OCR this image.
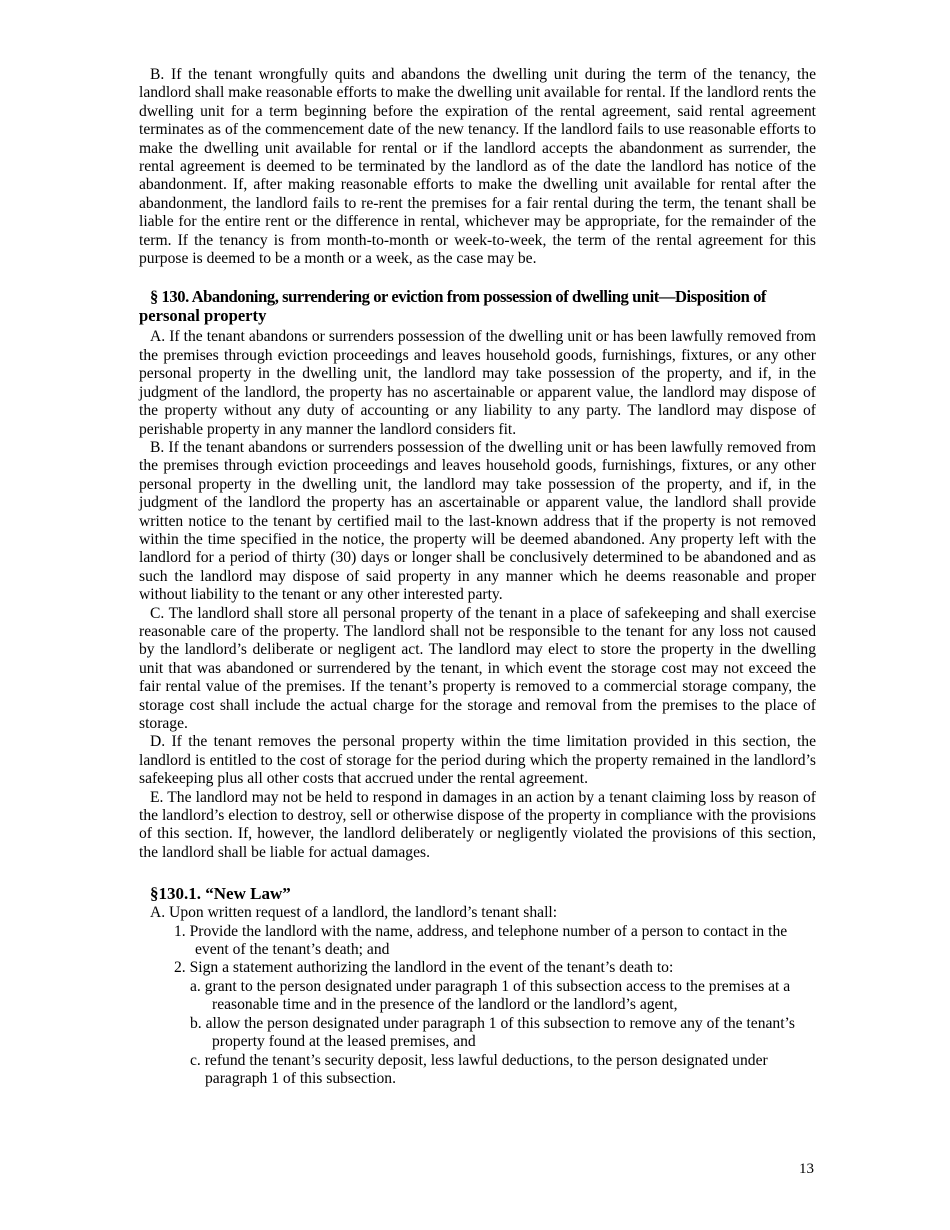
B. If the tenant wrongfully quits and abandons the dwelling unit during the term of the tenancy, the landlord shall make reasonable efforts to make the dwelling unit available for rental. If the landlord rents the dwelling unit for a term beginning before the expiration of the rental agreement, said rental agreement terminates as of the commencement date of the new tenancy. If the landlord fails to use reasonable efforts to make the dwelling unit available for rental or if the landlord accepts the abandonment as surrender, the rental agreement is deemed to be terminated by the landlord as of the date the landlord has notice of the abandonment. If, after making reasonable efforts to make the dwelling unit available for rental after the abandonment, the landlord fails to re-rent the premises for a fair rental during the term, the tenant shall be liable for the entire rent or the difference in rental, whichever may be appropriate, for the remainder of the term. If the tenancy is from month-to-month or week-to-week, the term of the rental agreement for this purpose is deemed to be a month or a week, as the case may be.

§ 130. Abandoning, surrendering or eviction from possession of dwelling unit—Disposition of personal property

A. If the tenant abandons or surrenders possession of the dwelling unit or has been lawfully removed from the premises through eviction proceedings and leaves household goods, furnishings, fixtures, or any other personal property in the dwelling unit, the landlord may take possession of the property, and if, in the judgment of the landlord, the property has no ascertainable or apparent value, the landlord may dispose of the property without any duty of accounting or any liability to any party. The landlord may dispose of perishable property in any manner the landlord considers fit.

B. If the tenant abandons or surrenders possession of the dwelling unit or has been lawfully removed from the premises through eviction proceedings and leaves household goods, furnishings, fixtures, or any other personal property in the dwelling unit, the landlord may take possession of the property, and if, in the judgment of the landlord the property has an ascertainable or apparent value, the landlord shall provide written notice to the tenant by certified mail to the last-known address that if the property is not removed within the time specified in the notice, the property will be deemed abandoned. Any property left with the landlord for a period of thirty (30) days or longer shall be conclusively determined to be abandoned and as such the landlord may dispose of said property in any manner which he deems reasonable and proper without liability to the tenant or any other interested party.

C. The landlord shall store all personal property of the tenant in a place of safekeeping and shall exercise reasonable care of the property. The landlord shall not be responsible to the tenant for any loss not caused by the landlord’s deliberate or negligent act. The landlord may elect to store the property in the dwelling unit that was abandoned or surrendered by the tenant, in which event the storage cost may not exceed the fair rental value of the premises. If the tenant’s property is removed to a commercial storage company, the storage cost shall include the actual charge for the storage and removal from the premises to the place of storage.

D. If the tenant removes the personal property within the time limitation provided in this section, the landlord is entitled to the cost of storage for the period during which the property remained in the landlord’s safekeeping plus all other costs that accrued under the rental agreement.

E. The landlord may not be held to respond in damages in an action by a tenant claiming loss by reason of the landlord’s election to destroy, sell or otherwise dispose of the property in compliance with the provisions of this section. If, however, the landlord deliberately or negligently violated the provisions of this section, the landlord shall be liable for actual damages.

§130.1. “New Law”

A. Upon written request of a landlord, the landlord’s tenant shall:

1. Provide the landlord with the name, address, and telephone number of a person to contact in the event of the tenant’s death; and

2. Sign a statement authorizing the landlord in the event of the tenant’s death to:

a. grant to the person designated under paragraph 1 of this subsection access to the premises at a reasonable time and in the presence of the landlord or the landlord’s agent,

b. allow the person designated under paragraph 1 of this subsection to remove any of the tenant’s property found at the leased premises, and

c. refund the tenant’s security deposit, less lawful deductions, to the person designated under paragraph 1 of this subsection.

13
